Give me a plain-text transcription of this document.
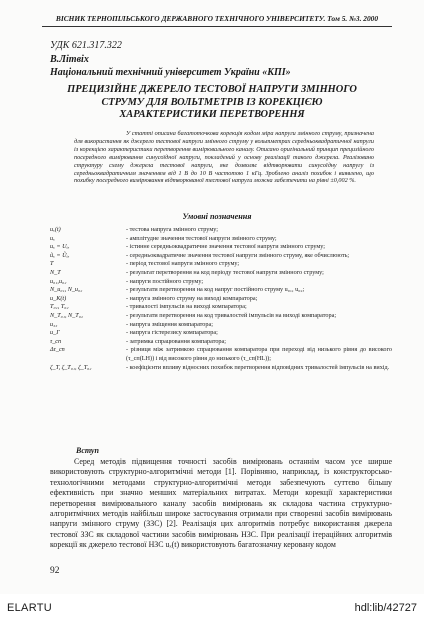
ВІСНИК ТЕРНОПІЛЬСЬКОГО ДЕРЖАВНОГО ТЕХНІЧНОГО УНІВЕРСИТЕТУ. Том 5. №3. 2000
УДК 621.317.322
В.Літвіх
Національний технічний університет України «КПІ»
ПРЕЦИЗІЙНЕ ДЖЕРЕЛО ТЕСТОВОЇ НАПРУГИ ЗМІННОГО СТРУМУ ДЛЯ ВОЛЬТМЕТРІВ ІЗ КОРЕКЦІЄЮ ХАРАКТЕРИСТИКИ ПЕРЕТВОРЕННЯ

У статті описана багатоточкова корекція кодом міра напруги змінного струму, призначена для використання як джерело тестової напруги змінного струму у вольтметрах середньоквадратичної напруги із корекцією характеристики перетворення вимірювального каналу. Описано оригінальний принцип прецизійного посередного вимірювання синусоїдної напруги, покладений у основу реалізації такого джерела. Реалізовано структуру схему джерела тестової напруги, яке дозволяє відтворювати синусоїдну напругу із середньоквадратичним значенням від 1 В до 10 В частотою 1 кГц. Зроблено аналіз похибок і виявлено, що похибку посередного вимірювання відтворюваної тестової напруги можна забезпечити на рівні ±0,002 %.

Умовні позначення
uₓ(t)	- тестова напруга змінного струму;
uₓ	- амплітудне значення тестової напруги змінного струму;
uₓ = Uᵢₓ	- істинне середньоквадратичне значення тестової напруги змінного струму;
ũₓ = Ũᵢₓ	- середньоквадратичне значення тестової напруги змінного струму, яке обчислюють;
T	- період тестової напруги змінного струму;
N_T	- результат перетворення на код періоду тестової напруги змінного струму;
u₀₁,u₀₂	- напруги постійного струму;
N_u₀₁, N_u₀₂	- результати перетворення на код напруг постійного струму u₀₁, u₀₂;
u_K(t)	- напруга змінного струму на виході компаратора;
T₀₁, T₀₂	- тривалості імпульсів на виході компаратора;
N_T₀₁, N_T₀₂	- результати перетворення на код тривалостей імпульсів на виході компаратора;
u₃₃	- напруга зміщення компаратора;
u_Г	- напруга гістерезису компаратора;
τ_сп	- затримка спрацювання компаратора;
Δτ_сп	- різниця між затримкою спрацювання компаратора при переході від низького рівня до високого (τ_сп(LH)) і від високого рівня до низького (τ_сп(HL));
ζ_T, ζ_T₀₁, ζ_T₀₂	- коефіцієнти впливу відносних похибок перетворення відповідних тривалостей імпульсів на вихід.
Вступ

Серед методів підвищення точності засобів вимірювань останнім часом усе ширше використовують структурно-алгоритмічні методи [1]. Порівняно, наприклад, із конструкторсько-технологічними методами структурно-алгоритмічні методи забезпечують суттєво більшу ефективність при значно менших матеріальних витратах. Методи корекції характеристики перетворення вимірювального каналу засобів вимірювань як складова частина структурно-алгоритмічних методів найбільш широке застосування отримали при створенні засобів вимірювань напруги змінного струму (ЗЗС) [2]. Реалізація цих алгоритмів потребує використання джерела тестової ЗЗС як складової частини засобів вимірювань НЗС. При реалізації ітераційних алгоритмів корекції як джерело тестової НЗС uₓ(t) використовують багатозначну керовану кодом

92
ELARTU	hdl:lib/42727
